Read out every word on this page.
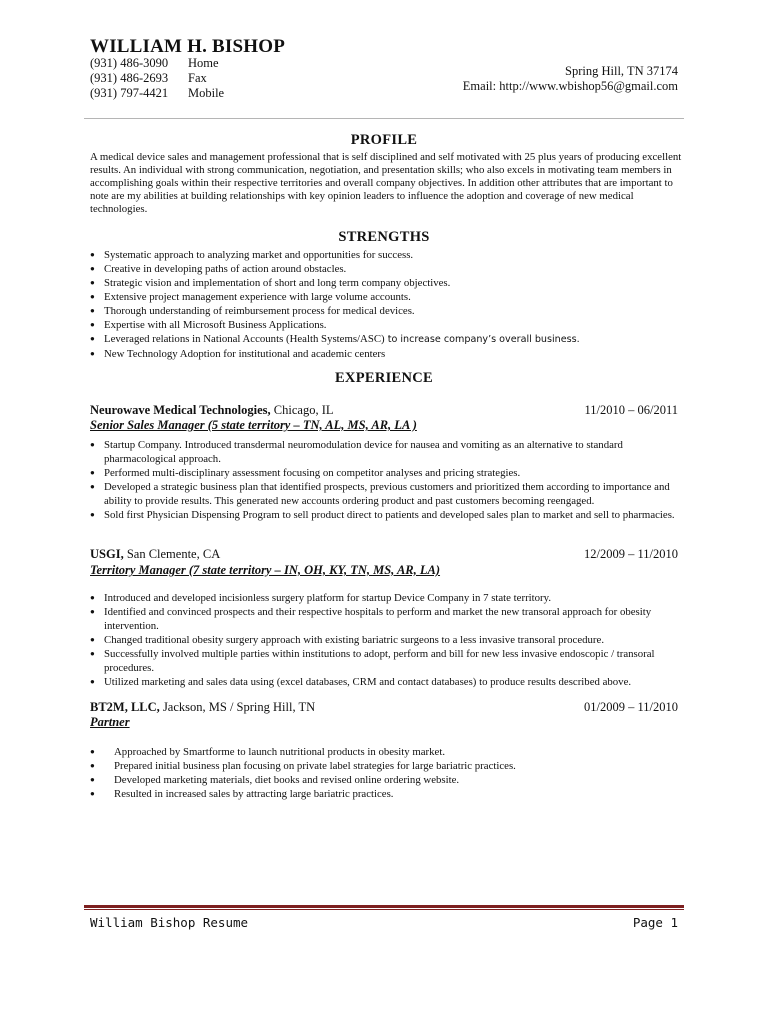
WILLIAM H. BISHOP
(931) 486-3090 Home
(931) 486-2693 Fax
(931) 797-4421 Mobile
Spring Hill, TN 37174
Email: http://www.wbishop56@gmail.com
PROFILE
A medical device sales and management professional that is self disciplined and self motivated with 25 plus years of producing excellent results. An individual with strong communication, negotiation, and presentation skills; who also excels in motivating team members in accomplishing goals within their respective territories and overall company objectives. In addition other attributes that are important to note are my abilities at building relationships with key opinion leaders to influence the adoption and coverage of new medical technologies.
STRENGTHS
● Systematic approach to analyzing market and opportunities for success.
● Creative in developing paths of action around obstacles.
● Strategic vision and implementation of short and long term company objectives.
● Extensive project management experience with large volume accounts.
● Thorough understanding of reimbursement process for medical devices.
● Expertise with all Microsoft Business Applications.
● Leveraged relations in National Accounts (Health Systems/ASC) to increase company’s overall business.
● New Technology Adoption for institutional and academic centers
EXPERIENCE
Neurowave Medical Technologies, Chicago, IL	11/2010 – 06/2011
Senior Sales Manager (5 state territory – TN, AL, MS, AR, LA )
● Startup Company. Introduced transdermal neuromodulation device for nausea and vomiting as an alternative to standard pharmacological approach.
● Performed multi-disciplinary assessment focusing on competitor analyses and pricing strategies.
● Developed a strategic business plan that identified prospects, previous customers and prioritized them according to importance and ability to provide results. This generated new accounts ordering product and past customers becoming reengaged.
● Sold first Physician Dispensing Program to sell product direct to patients and developed sales plan to market and sell to pharmacies.
USGI, San Clemente, CA	12/2009 – 11/2010
Territory Manager (7 state territory – IN, OH, KY, TN, MS, AR, LA)
● Introduced and developed incisionless surgery platform for startup Device Company in 7 state territory.
● Identified and convinced prospects and their respective hospitals to perform and market the new transoral approach for obesity intervention.
● Changed traditional obesity surgery approach with existing bariatric surgeons to a less invasive transoral procedure.
● Successfully involved multiple parties within institutions to adopt, perform and bill for new less invasive endoscopic / transoral procedures.
● Utilized marketing and sales data using (excel databases, CRM and contact databases) to produce results described above.
BT2M, LLC, Jackson, MS / Spring Hill, TN	01/2009 – 11/2010
Partner
● Approached by Smartforme to launch nutritional products in obesity market.
● Prepared initial business plan focusing on private label strategies for large bariatric practices.
● Developed marketing materials, diet books and revised online ordering website.
● Resulted in increased sales by attracting large bariatric practices.
William Bishop Resume	Page 1
